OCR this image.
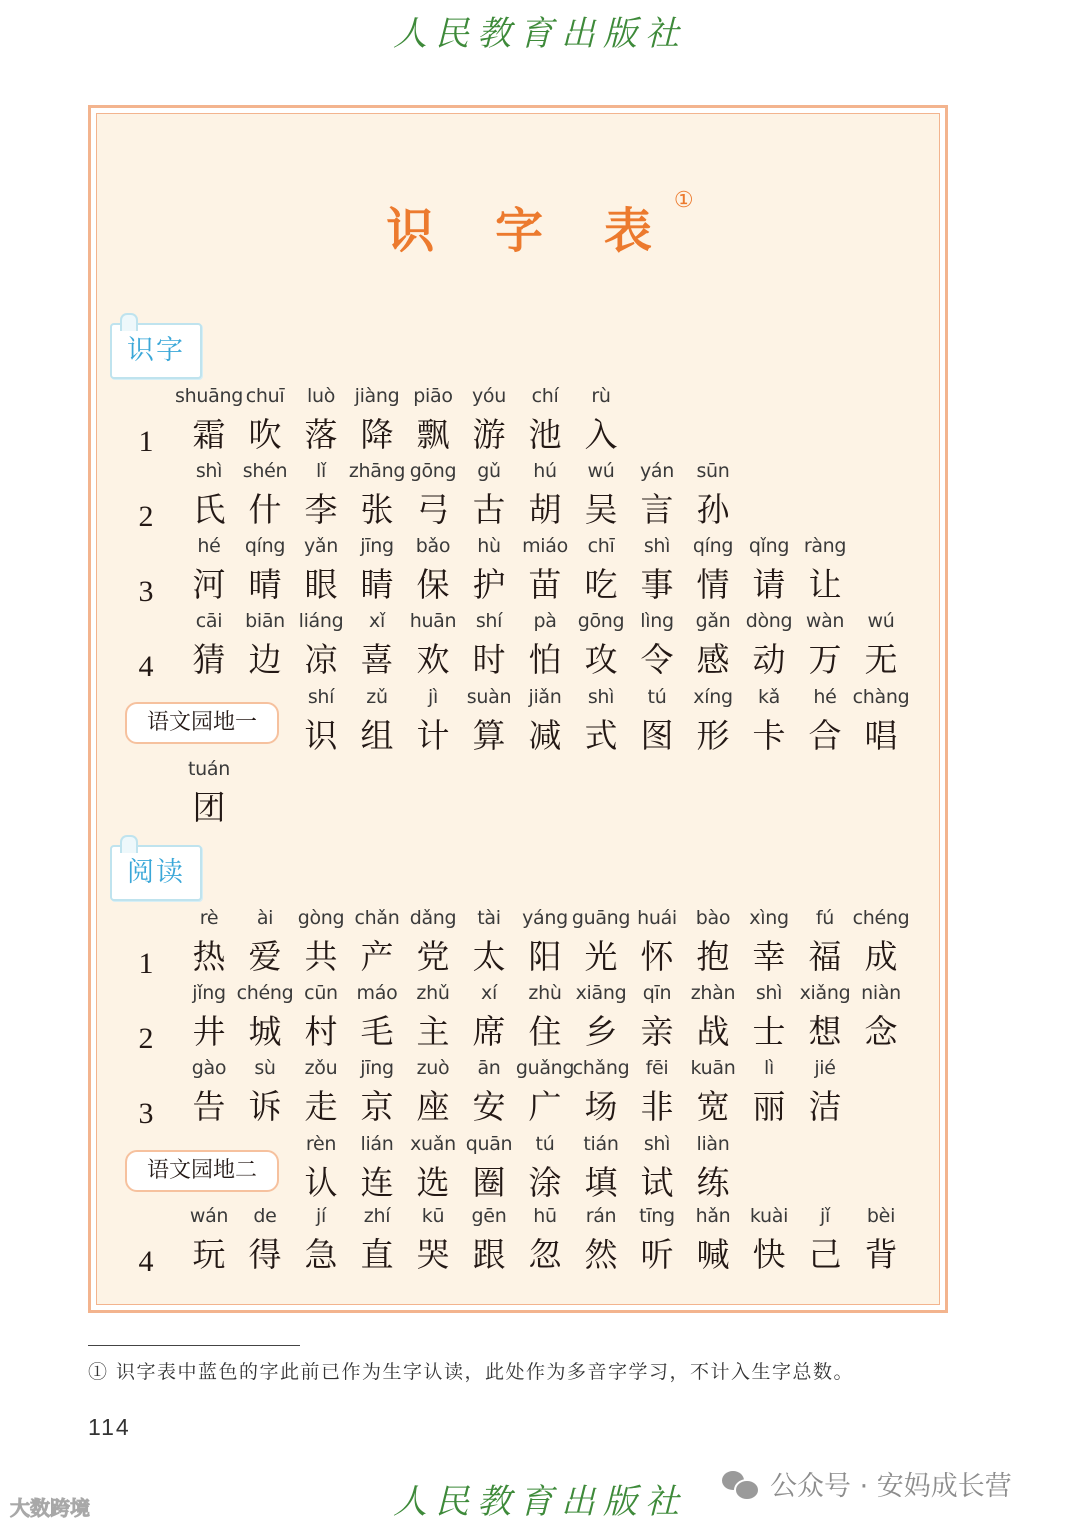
人民教育出版社
识 字 表①
识字
阅读
语文园地一
语文园地二
1
shuāng
霜
chuī
吹
luò
落
jiàng
降
piāo
飘
yóu
游
chí
池
rù
入
2
shì
氏
shén
什
lǐ
李
zhāng
张
gōng
弓
gǔ
古
hú
胡
wú
吴
yán
言
sūn
孙
3
hé
河
qíng
晴
yǎn
眼
jīng
睛
bǎo
保
hù
护
miáo
苗
chī
吃
shì
事
qíng
情
qǐng
请
ràng
让
4
cāi
猜
biān
边
liáng
凉
xǐ
喜
huān
欢
shí
时
pà
怕
gōng
攻
lìng
令
gǎn
感
dòng
动
wàn
万
wú
无
shí
识
zǔ
组
jì
计
suàn
算
jiǎn
减
shì
式
tú
图
xíng
形
kǎ
卡
hé
合
chàng
唱
tuán
团
1
rè
热
ài
爱
gòng
共
chǎn
产
dǎng
党
tài
太
yáng
阳
guāng
光
huái
怀
bào
抱
xìng
幸
fú
福
chéng
成
2
jǐng
井
chéng
城
cūn
村
máo
毛
zhǔ
主
xí
席
zhù
住
xiāng
乡
qīn
亲
zhàn
战
shì
士
xiǎng
想
niàn
念
3
gào
告
sù
诉
zǒu
走
jīng
京
zuò
座
ān
安
guǎng
广
chǎng
场
fēi
非
kuān
宽
lì
丽
jié
洁
rèn
认
lián
连
xuǎn
选
quān
圈
tú
涂
tián
填
shì
试
liàn
练
4
wán
玩
de
得
jí
急
zhí
直
kū
哭
gēn
跟
hū
忽
rán
然
tīng
听
hǎn
喊
kuài
快
jǐ
己
bèi
背
① 识字表中蓝色的字此前已作为生字认读，此处作为多音字学习，不计入生字总数。
114
人民教育出版社
大数跨境
公众号 · 安妈成长营
